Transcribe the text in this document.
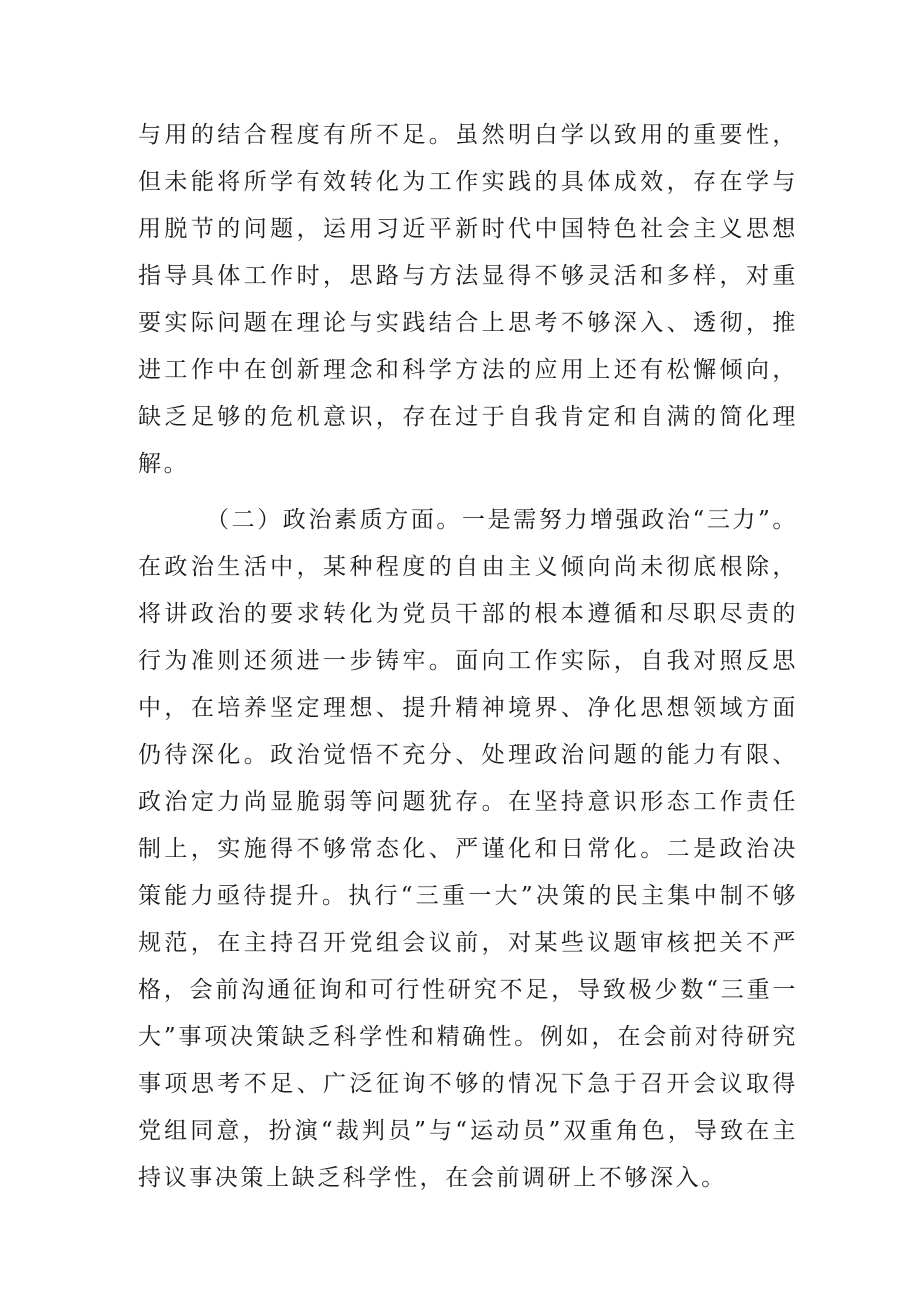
与用的结合程度有所不足。虽然明白学以致用的重要性，但未能将所学有效转化为工作实践的具体成效，存在学与用脱节的问题，运用习近平新时代中国特色社会主义思想指导具体工作时，思路与方法显得不够灵活和多样，对重要实际问题在理论与实践结合上思考不够深入、透彻，推进工作中在创新理念和科学方法的应用上还有松懈倾向，缺乏足够的危机意识，存在过于自我肯定和自满的简化理解。

（二）政治素质方面。一是需努力增强政治“三力”。在政治生活中，某种程度的自由主义倾向尚未彻底根除，将讲政治的要求转化为党员干部的根本遵循和尽职尽责的行为准则还须进一步铸牢。面向工作实际，自我对照反思中，在培养坚定理想、提升精神境界、净化思想领域方面仍待深化。政治觉悟不充分、处理政治问题的能力有限、政治定力尚显脆弱等问题犹存。在坚持意识形态工作责任制上，实施得不够常态化、严谨化和日常化。二是政治决策能力亟待提升。执行“三重一大”决策的民主集中制不够规范，在主持召开党组会议前，对某些议题审核把关不严格，会前沟通征询和可行性研究不足，导致极少数“三重一大”事项决策缺乏科学性和精确性。例如，在会前对待研究事项思考不足、广泛征询不够的情况下急于召开会议取得党组同意，扮演“裁判员”与“运动员”双重角色，导致在主持议事决策上缺乏科学性，在会前调研上不够深入。
